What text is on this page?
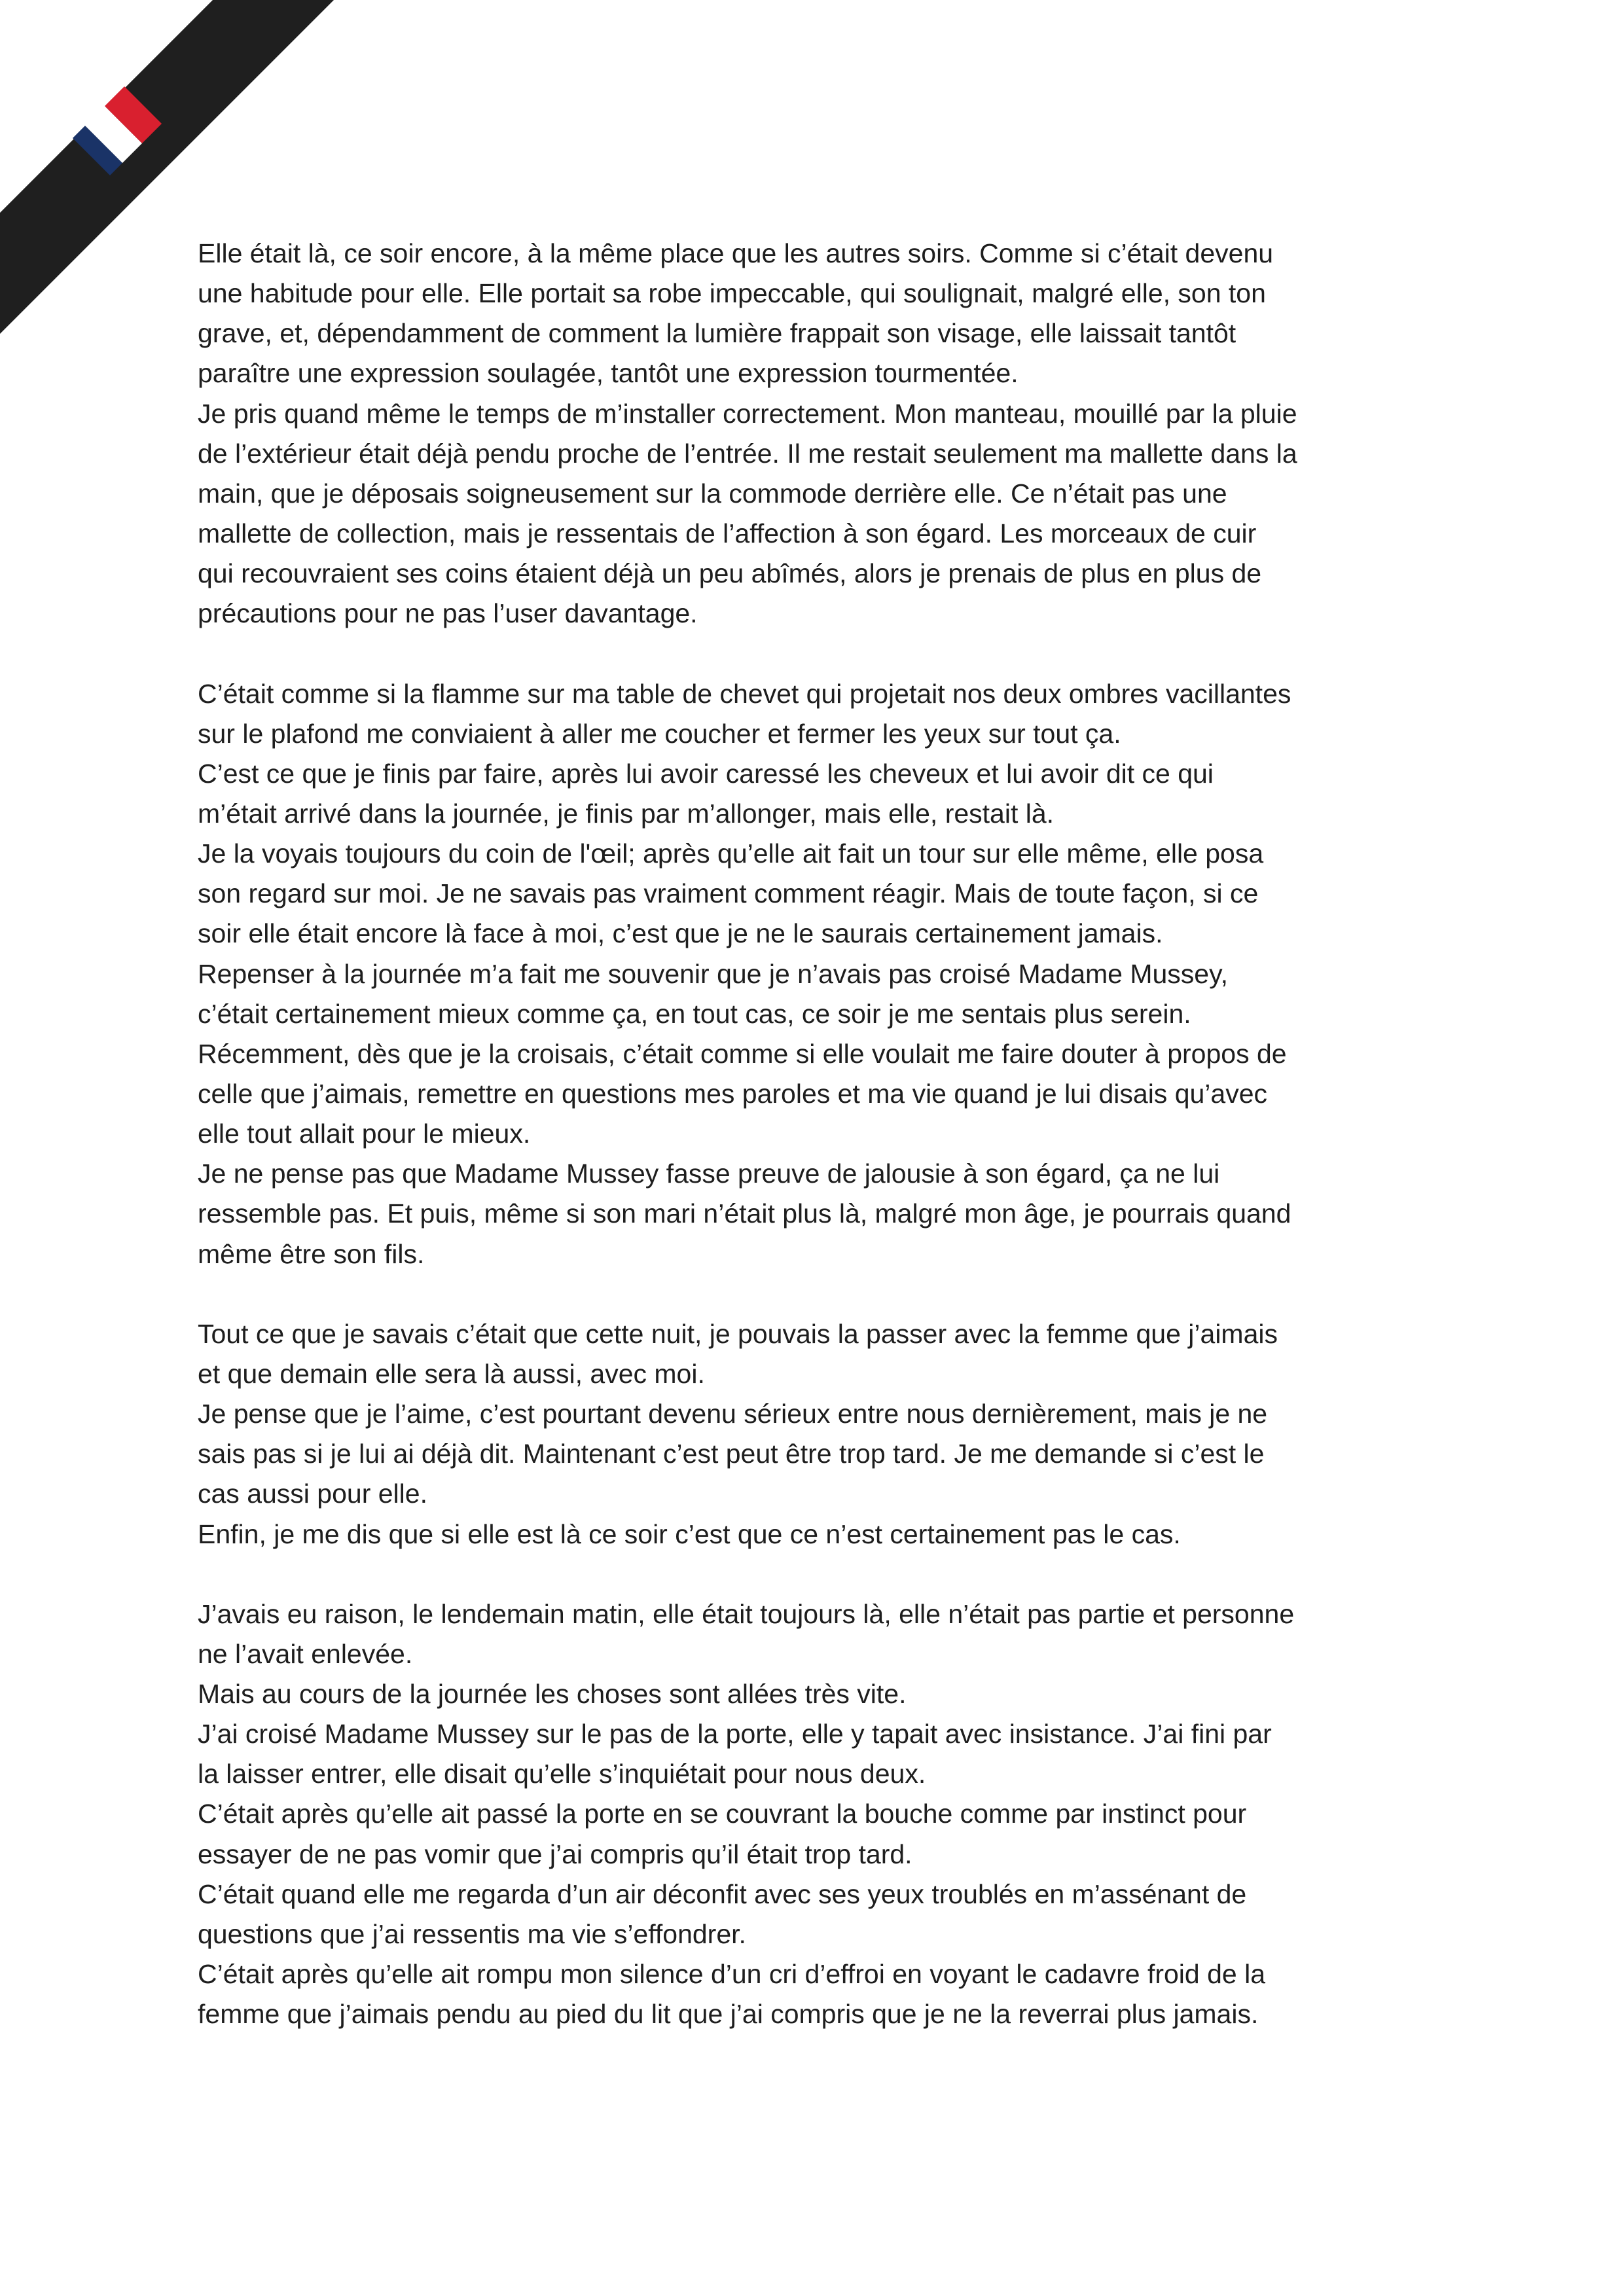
Elle était là, ce soir encore, à la même place que les autres soirs. Comme si c’était devenu
une habitude pour elle. Elle portait sa robe impeccable, qui soulignait, malgré elle, son ton
grave, et, dépendamment de comment la lumière frappait son visage, elle laissait tantôt
paraître une expression soulagée, tantôt une expression tourmentée.
Je pris quand même le temps de m’installer correctement. Mon manteau, mouillé par la pluie
de l’extérieur était déjà pendu proche de l’entrée. Il me restait seulement ma mallette dans la
main, que je déposais soigneusement sur la commode derrière elle. Ce n’était pas une
mallette de collection, mais je ressentais de l’affection à son égard. Les morceaux de cuir
qui recouvraient ses coins étaient déjà un peu abîmés, alors je prenais de plus en plus de
précautions pour ne pas l’user davantage.
C’était comme si la flamme sur ma table de chevet qui projetait nos deux ombres vacillantes
sur le plafond me conviaient à aller me coucher et fermer les yeux sur tout ça.
C’est ce que je finis par faire, après lui avoir caressé les cheveux et lui avoir dit ce qui
m’était arrivé dans la journée, je finis par m’allonger, mais elle, restait là.
Je la voyais toujours du coin de l'œil; après qu’elle ait fait un tour sur elle même, elle posa
son regard sur moi. Je ne savais pas vraiment comment réagir. Mais de toute façon, si ce
soir elle était encore là face à moi, c’est que je ne le saurais certainement jamais.
Repenser à la journée m’a fait me souvenir que je n’avais pas croisé Madame Mussey,
c’était certainement mieux comme ça, en tout cas, ce soir je me sentais plus serein.
Récemment, dès que je la croisais, c’était comme si elle voulait me faire douter à propos de
celle que j’aimais, remettre en questions mes paroles et ma vie quand je lui disais qu’avec
elle tout allait pour le mieux.
Je ne pense pas que Madame Mussey fasse preuve de jalousie à son égard, ça ne lui
ressemble pas. Et puis, même si son mari n’était plus là, malgré mon âge, je pourrais quand
même être son fils.
Tout ce que je savais c’était que cette nuit, je pouvais la passer avec la femme que j’aimais
et que demain elle sera là aussi, avec moi.
Je pense que je l’aime, c’est pourtant devenu sérieux entre nous dernièrement, mais je ne
sais pas si je lui ai déjà dit. Maintenant c’est peut être trop tard. Je me demande si c’est le
cas aussi pour elle.
Enfin, je me dis que si elle est là ce soir c’est que ce n’est certainement pas le cas.
J’avais eu raison, le lendemain matin, elle était toujours là, elle n’était pas partie et personne
ne l’avait enlevée.
Mais au cours de la journée les choses sont allées très vite.
J’ai croisé Madame Mussey sur le pas de la porte, elle y tapait avec insistance. J’ai fini par
la laisser entrer, elle disait qu’elle s’inquiétait pour nous deux.
C’était après qu’elle ait passé la porte en se couvrant la bouche comme par instinct pour
essayer de ne pas vomir que j’ai compris qu’il était trop tard.
C’était quand elle me regarda d’un air déconfit avec ses yeux troublés en m’assénant de
questions que j’ai ressentis ma vie s’effondrer.
C’était après qu’elle ait rompu mon silence d’un cri d’effroi en voyant le cadavre froid de la
femme que j’aimais pendu au pied du lit que j’ai compris que je ne la reverrai plus jamais.
